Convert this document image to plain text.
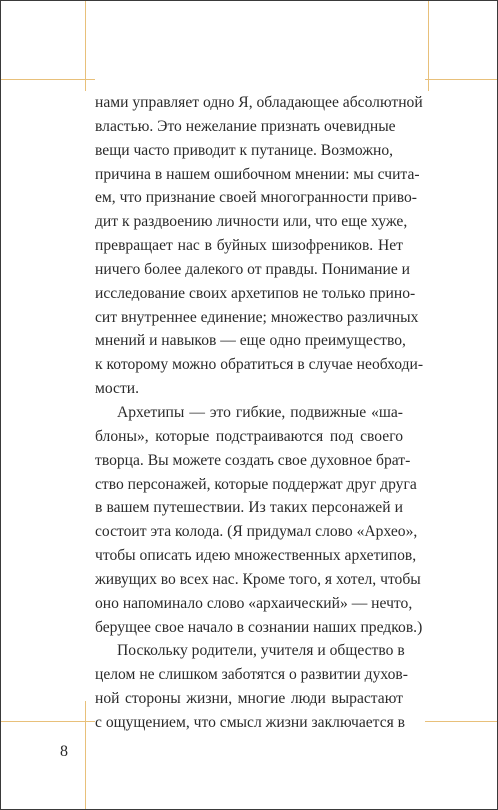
нами управляет одно Я, обладающее абсолютной
властью. Это нежелание признать очевидные
вещи часто приводит к путанице. Возможно,
причина в нашем ошибочном мнении: мы счита-
ем, что признание своей многогранности приво-
дит к раздвоению личности или, что еще хуже,
превращает нас в буйных шизофреников. Нет
ничего более далекого от правды. Понимание и
исследование своих архетипов не только прино-
сит внутреннее единение; множество различных
мнений и навыков — еще одно преимущество,
к которому можно обратиться в случае необходи-
мости.
Архетипы — это гибкие, подвижные «ша-
блоны», которые подстраиваются под своего
творца. Вы можете создать свое духовное брат-
ство персонажей, которые поддержат друг друга
в вашем путешествии. Из таких персонажей и
состоит эта колода. (Я придумал слово «Архео»,
чтобы описать идею множественных архетипов,
живущих во всех нас. Кроме того, я хотел, чтобы
оно напоминало слово «архаический» — нечто,
берущее свое начало в сознании наших предков.)
Поскольку родители, учителя и общество в
целом не слишком заботятся о развитии духов-
ной стороны жизни, многие люди вырастают
с ощущением, что смысл жизни заключается в
8
